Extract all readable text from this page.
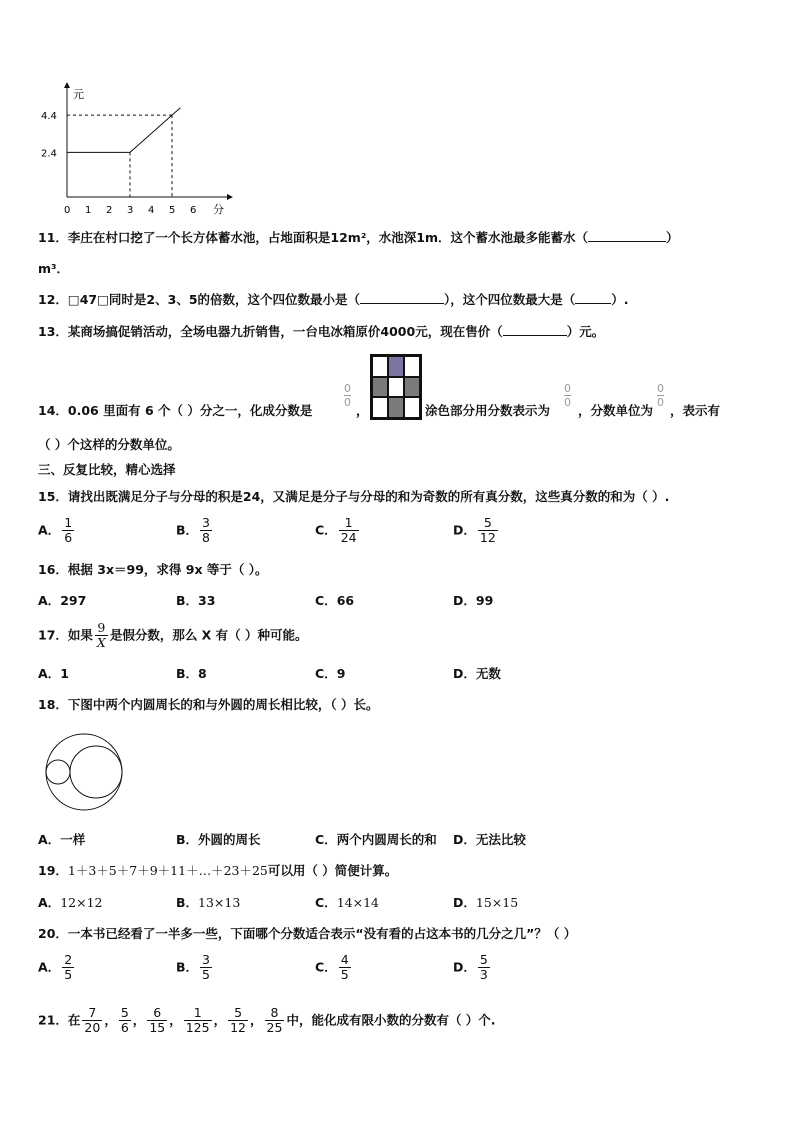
元
分
4.4
2.4
0 1 2 3 4 5 6
11．李庄在村口挖了一个长方体蓄水池，占地面积是12m²，水池深1m．这个蓄水池最多能蓄水（	）
m³．
12．□47□同时是2、3、5的倍数，这个四位数最小是（	），这个四位数最大是（	）.
13．某商场搞促销活动，全场电器九折销售，一台电冰箱原价4000元，现在售价（	）元。
14．0.06 里面有 6 个（ ）分之一，化成分数是
$\frac{0}{0}$
，	涂色部分用分数表示为
$\frac{0}{0}$
，分数单位为
$\frac{0}{0}$
，表示有
（ ）个这样的分数单位。
三、反复比较，精心选择
15．请找出既满足分子与分母的积是24，又满足是分子与分母的和为奇数的所有真分数，这些真分数的和为（ ）.
A． $\frac{1}{6}$	B． $\frac{3}{8}$	C． $\frac{1}{24}$	D． $\frac{5}{12}$
16．根据 3x＝99，求得 9x 等于（ ）。
A．297	B．33	C．66	D．99
17．如果 $\frac{9}{X}$ 是假分数，那么 X 有（ ）种可能。
A．1	B．8	C．9	D．无数
18．下图中两个内圆周长的和与外圆的周长相比较，（ ）长。
A．一样	B．外圆的周长	C．两个内圆周长的和 D．无法比较
19．1＋3＋5＋7＋9＋11＋…＋23＋25可以用（ ）简便计算。
A．12×12	B．13×13	C．14×14	D．15×15
20．一本书已经看了一半多一些，下面哪个分数适合表示“没有看的占这本书的几分之几”？（ ）
A． $\frac{2}{5}$	B． $\frac{3}{5}$	C． $\frac{4}{5}$	D． $\frac{5}{3}$
21．在 $\frac{7}{20}$ ， $\frac{5}{6}$ ， $\frac{6}{15}$ ， $\frac{1}{125}$ ， $\frac{5}{12}$ ， $\frac{8}{25}$ 中，能化成有限小数的分数有（ ）个.
